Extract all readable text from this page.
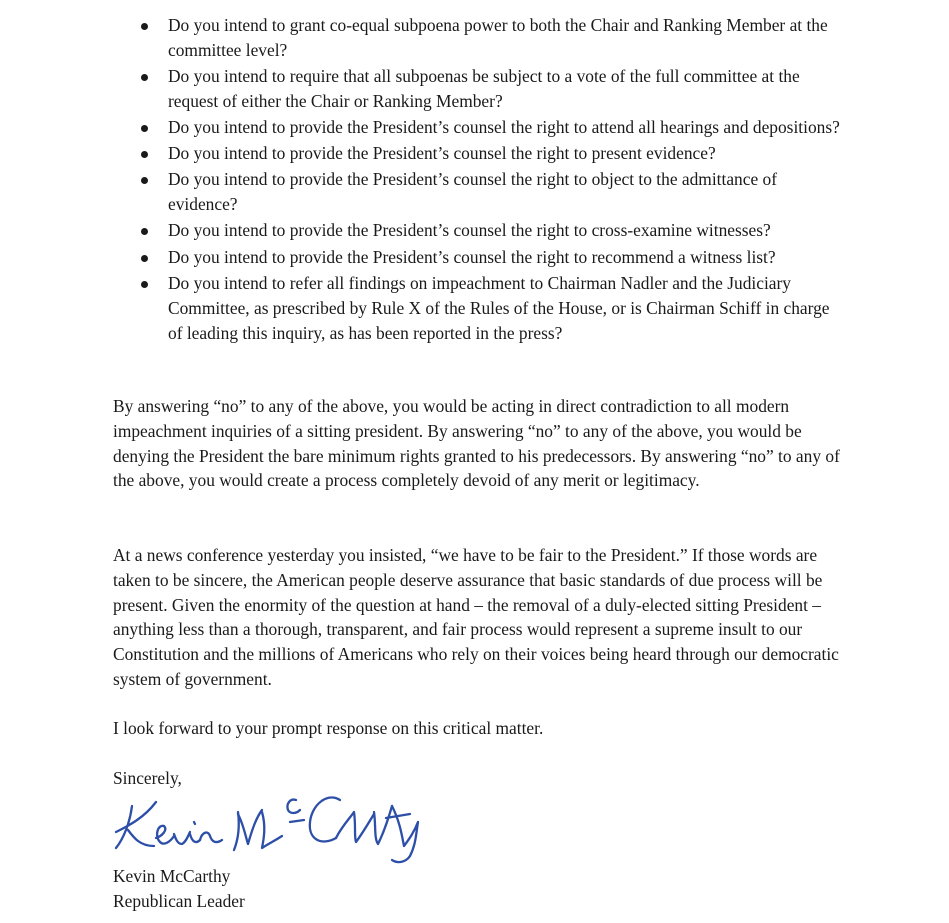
Do you intend to grant co-equal subpoena power to both the Chair and Ranking Member at the committee level?
Do you intend to require that all subpoenas be subject to a vote of the full committee at the request of either the Chair or Ranking Member?
Do you intend to provide the President’s counsel the right to attend all hearings and depositions?
Do you intend to provide the President’s counsel the right to present evidence?
Do you intend to provide the President’s counsel the right to object to the admittance of evidence?
Do you intend to provide the President’s counsel the right to cross-examine witnesses?
Do you intend to provide the President’s counsel the right to recommend a witness list?
Do you intend to refer all findings on impeachment to Chairman Nadler and the Judiciary Committee, as prescribed by Rule X of the Rules of the House, or is Chairman Schiff in charge of leading this inquiry, as has been reported in the press?

By answering “no” to any of the above, you would be acting in direct contradiction to all modern impeachment inquiries of a sitting president. By answering “no” to any of the above, you would be denying the President the bare minimum rights granted to his predecessors. By answering “no” to any of the above, you would create a process completely devoid of any merit or legitimacy.

At a news conference yesterday you insisted, “we have to be fair to the President.” If those words are taken to be sincere, the American people deserve assurance that basic standards of due process will be present. Given the enormity of the question at hand – the removal of a duly-elected sitting President – anything less than a thorough, transparent, and fair process would represent a supreme insult to our Constitution and the millions of Americans who rely on their voices being heard through our democratic system of government.

I look forward to your prompt response on this critical matter.

Sincerely,

Kevin McCarthy
Republican Leader
